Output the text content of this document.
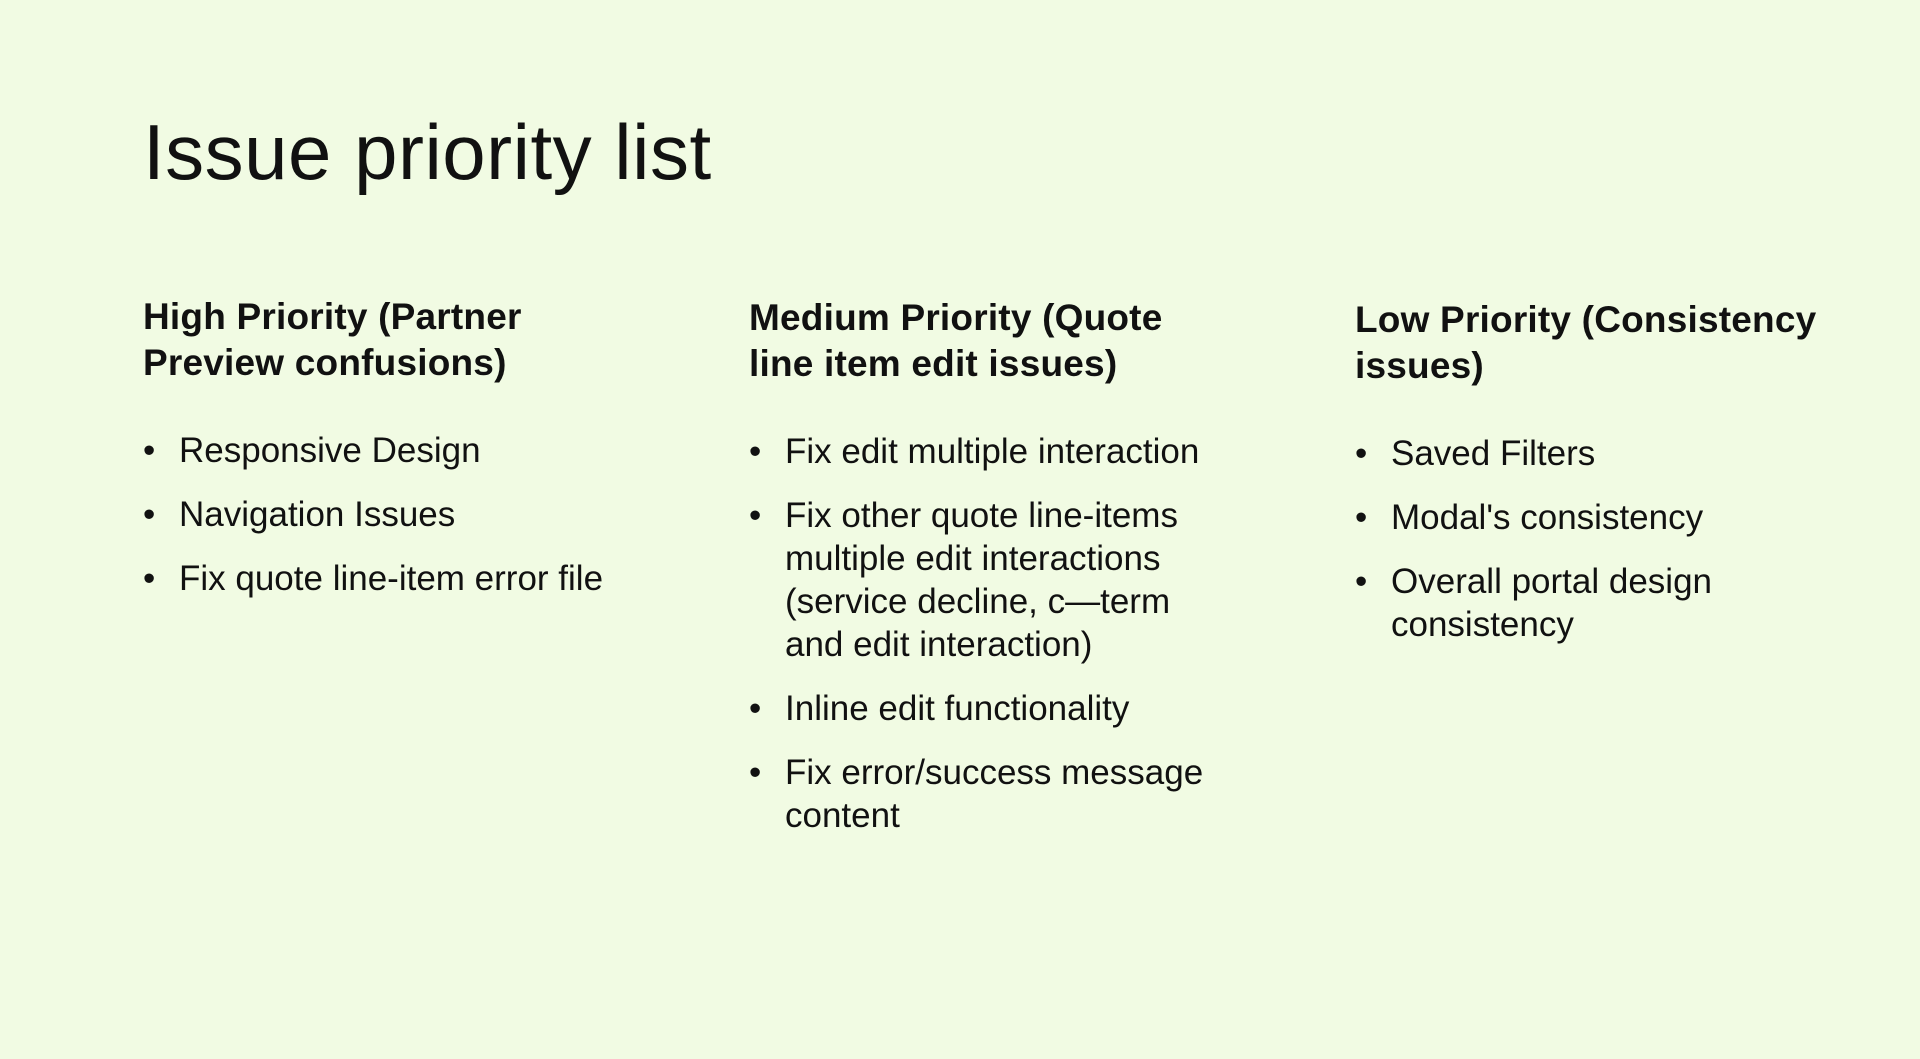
Issue priority list
High Priority (Partner Preview confusions)
• Responsive Design
• Navigation Issues
• Fix quote line-item error file
Medium Priority (Quote line item edit issues)
• Fix edit multiple interaction
• Fix other quote line-items multiple edit interactions (service decline, c—term and edit interaction)
• Inline edit functionality
• Fix error/success message content
Low Priority (Consistency issues)
• Saved Filters
• Modal's consistency
• Overall portal design consistency
